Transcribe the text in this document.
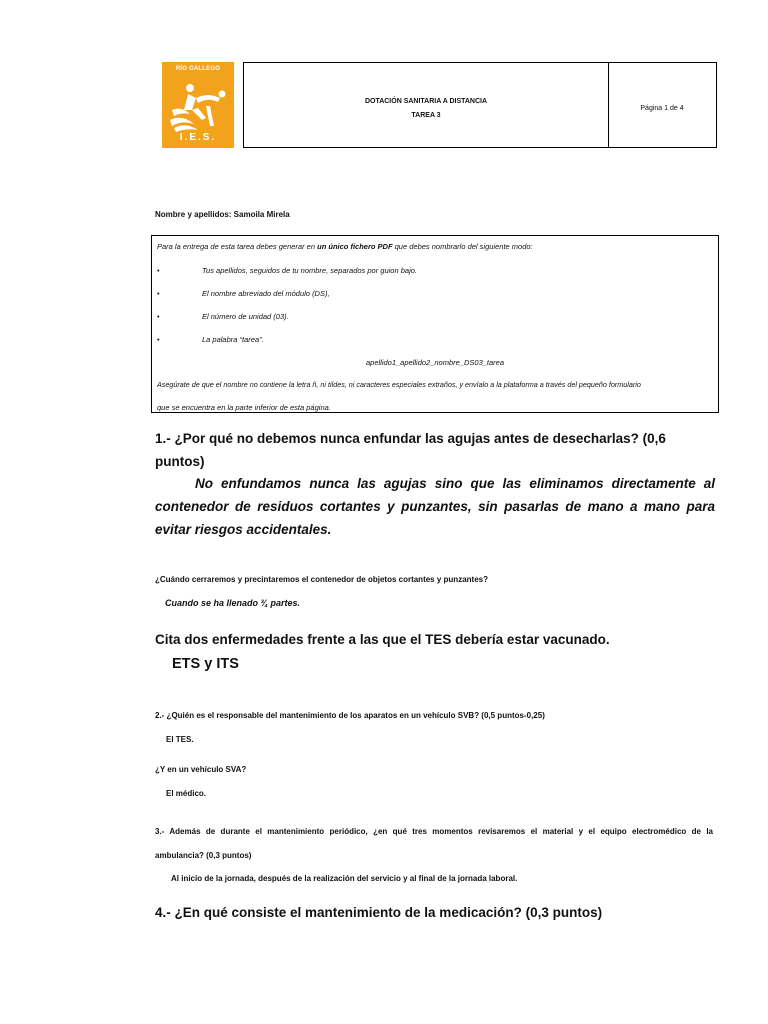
RÍO GALLEGO
I.E.S.
DOTACIÓN SANITARIA A DISTANCIA
TAREA 3
Página 1 de 4
Nombre y apellidos: Samoila Mirela
Para la entrega de esta tarea debes generar en un único fichero PDF que debes nombrarlo del siguiente modo:
•	Tus apellidos, seguidos de tu nombre, separados por guion bajo.
•	El nombre abreviado del módulo (DS),
•	El número de unidad (03).
•	La palabra “tarea”.
apellido1_apellido2_nombre_DS03_tarea
Asegúrate de que el nombre no contiene la letra ñ, ni tildes, ni caracteres especiales extraños, y envíalo a la plataforma a través del pequeño formulario
que se encuentra en la parte inferior de esta página.
1.- ¿Por qué no debemos nunca enfundar las agujas antes de desecharlas? (0,6 puntos)
No enfundamos nunca las agujas sino que las eliminamos directamente al contenedor de residuos cortantes y punzantes, sin pasarlas de mano a mano para evitar riesgos accidentales.
¿Cuándo cerraremos y precintaremos el contenedor de objetos cortantes y punzantes?
Cuando se ha llenado ¾ partes.
Cita dos enfermedades frente a las que el TES debería estar vacunado.
ETS y ITS
2.- ¿Quién es el responsable del mantenimiento de los aparatos en un vehículo SVB? (0,5 puntos-0,25)
El TES.
¿Y en un vehículo SVA?
El médico.
3.- Además de durante el mantenimiento periódico, ¿en qué tres momentos revisaremos el material y el equipo electromédico de la
ambulancia? (0,3 puntos)
Al inicio de la jornada, después de la realización del servicio y al final de la jornada laboral.
4.- ¿En qué consiste el mantenimiento de la medicación? (0,3 puntos)
